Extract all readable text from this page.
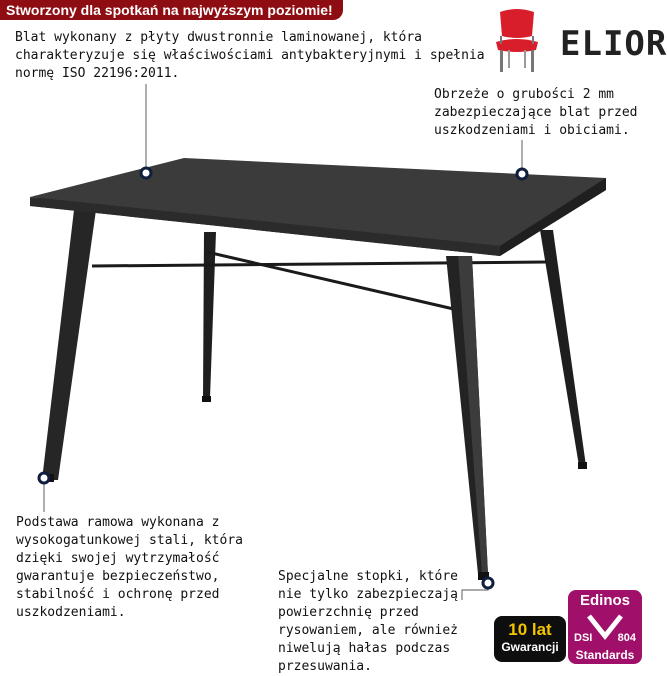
Stworzony dla spotkań na najwyższym poziomie!
ELIOR
Blat wykonany z płyty dwustronnie laminowanej, która
charakteryzuje się właściwościami antybakteryjnymi i spełnia
normę ISO 22196:2011.
Obrzeże o grubości 2 mm
zabezpieczające blat przed
uszkodzeniami i obiciami.
Podstawa ramowa wykonana z
wysokogatunkowej stali, która
dzięki swojej wytrzymałość
gwarantuje bezpieczeństwo,
stabilność i ochronę przed
uszkodzeniami.
Specjalne stopki, które
nie tylko zabezpieczają
powierzchnię przed
rysowaniem, ale również
niwelują hałas podczas
przesuwania.
10 lat
Gwarancji
Edinos
DSI 804
Standards
